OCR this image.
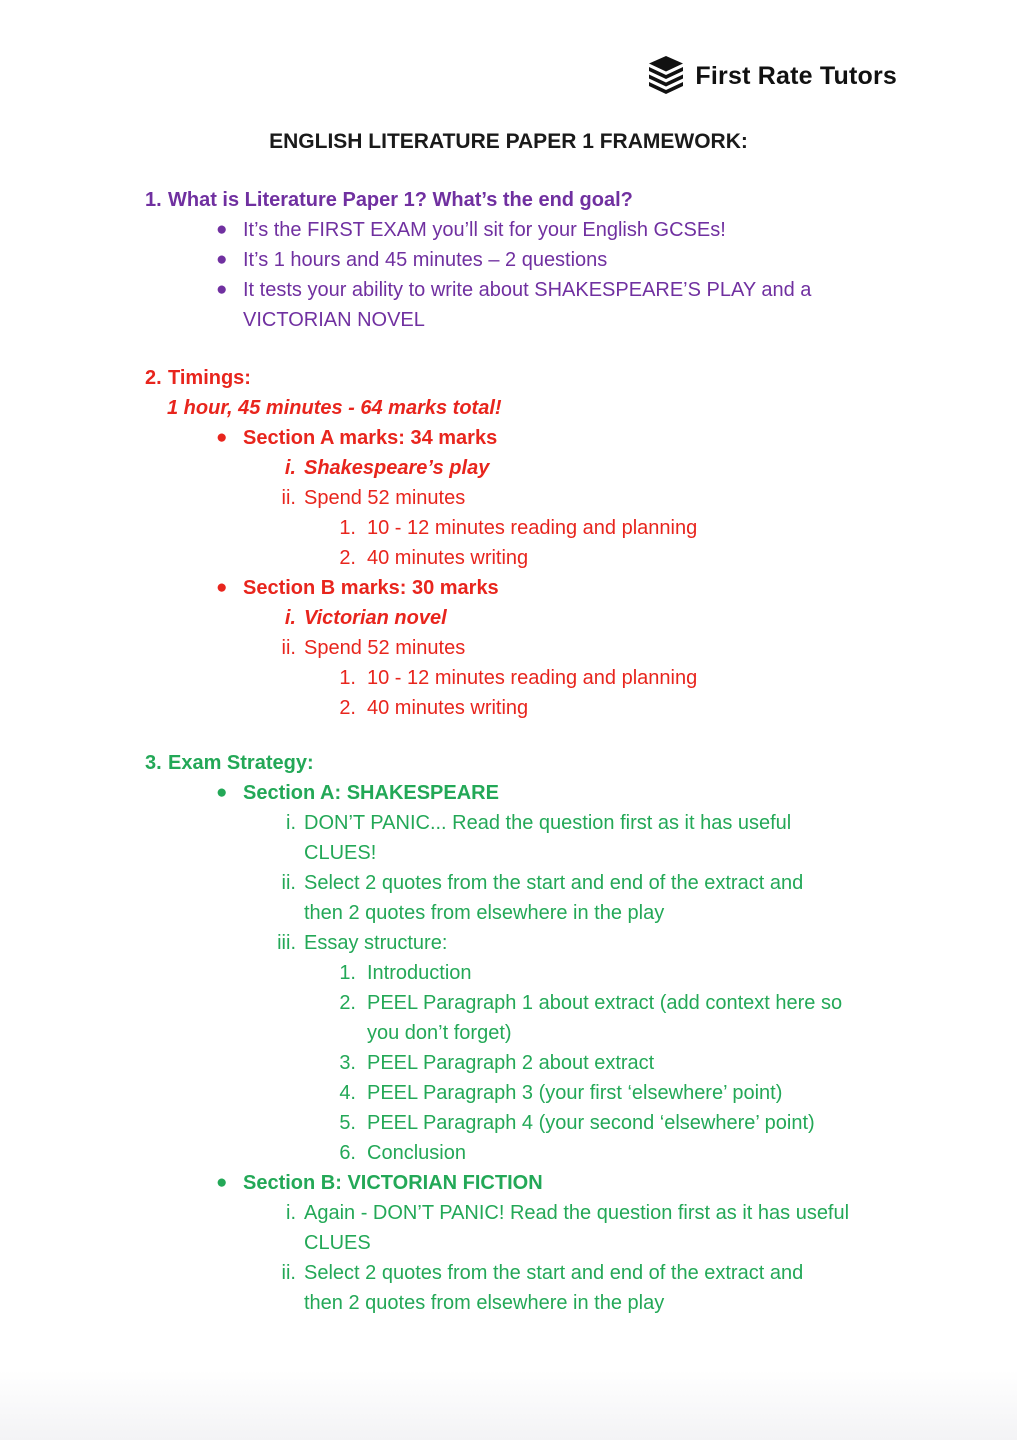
First Rate Tutors
ENGLISH LITERATURE PAPER 1 FRAMEWORK:
1. What is Literature Paper 1? What’s the end goal?
● It’s the FIRST EXAM you’ll sit for your English GCSEs!
● It’s 1 hours and 45 minutes – 2 questions
● It tests your ability to write about SHAKESPEARE’S PLAY and a VICTORIAN NOVEL
2. Timings:
1 hour, 45 minutes - 64 marks total!
● Section A marks: 34 marks
i. Shakespeare’s play
ii. Spend 52 minutes
1. 10 - 12 minutes reading and planning
2. 40 minutes writing
● Section B marks: 30 marks
i. Victorian novel
ii. Spend 52 minutes
1. 10 - 12 minutes reading and planning
2. 40 minutes writing
3. Exam Strategy:
● Section A: SHAKESPEARE
i. DON’T PANIC... Read the question first as it has useful CLUES!
ii. Select 2 quotes from the start and end of the extract and then 2 quotes from elsewhere in the play
iii. Essay structure:
1. Introduction
2. PEEL Paragraph 1 about extract (add context here so you don’t forget)
3. PEEL Paragraph 2 about extract
4. PEEL Paragraph 3 (your first ‘elsewhere’ point)
5. PEEL Paragraph 4 (your second ‘elsewhere’ point)
6. Conclusion
● Section B: VICTORIAN FICTION
i. Again - DON’T PANIC! Read the question first as it has useful CLUES
ii. Select 2 quotes from the start and end of the extract and then 2 quotes from elsewhere in the play
